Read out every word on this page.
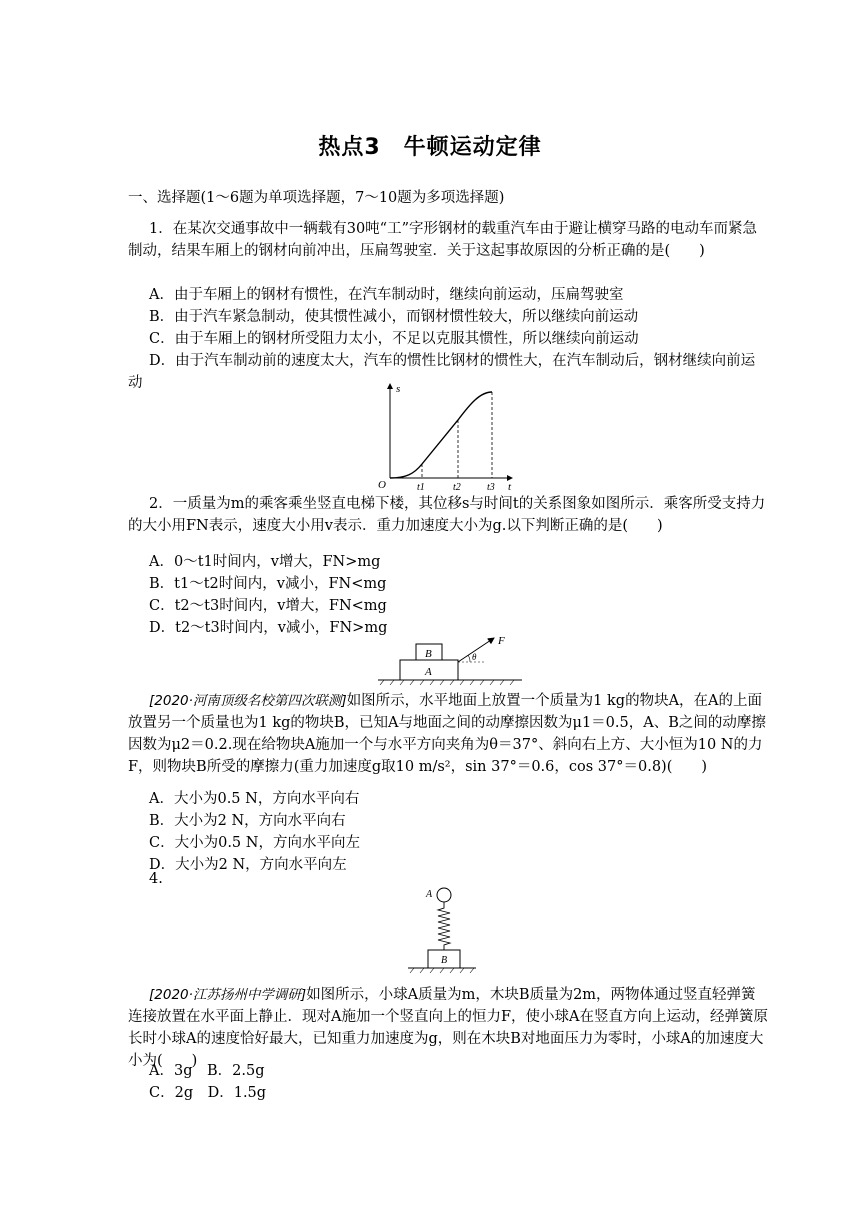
热点3　牛顿运动定律
一、选择题(1～6题为单项选择题，7～10题为多项选择题)
1．在某次交通事故中一辆载有30吨“工”字形钢材的载重汽车由于避让横穿马路的电动车而紧急制动，结果车厢上的钢材向前冲出，压扁驾驶室．关于这起事故原因的分析正确的是(　　)
A．由于车厢上的钢材有惯性，在汽车制动时，继续向前运动，压扁驾驶室
B．由于汽车紧急制动，使其惯性减小，而钢材惯性较大，所以继续向前运动
C．由于车厢上的钢材所受阻力太小，不足以克服其惯性，所以继续向前运动
D．由于汽车制动前的速度太大，汽车的惯性比钢材的惯性大，在汽车制动后，钢材继续向前运动	s
t
O	t1	t2	t3
2．一质量为m的乘客乘坐竖直电梯下楼，其位移s与时间t的关系图象如图所示．乘客所受支持力的大小用FN表示，速度大小用v表示．重力加速度大小为g.以下判断正确的是(　　)
A．0～t1时间内，v增大，FN>mg
B．t1～t2时间内，v减小，FN<mg
C．t2～t3时间内，v增大，FN<mg
D．t2～t3时间内，v减小，FN>mg
A
B
F
θ
[2020·河南顶级名校第四次联测]如图所示，水平地面上放置一个质量为1 kg的物块A，在A的上面放置另一个质量也为1 kg的物块B，已知A与地面之间的动摩擦因数为μ1＝0.5，A、B之间的动摩擦因数为μ2＝0.2.现在给物块A施加一个与水平方向夹角为θ＝37°、斜向右上方、大小恒为10 N的力F，则物块B所受的摩擦力(重力加速度g取10 m/s²，sin 37°＝0.6，cos 37°＝0.8)(　　)
A．大小为0.5 N，方向水平向右
B．大小为2 N，方向水平向右
C．大小为0.5 N，方向水平向左
D．大小为2 N，方向水平向左
4.
A
B
[2020·江苏扬州中学调研]如图所示，小球A质量为m，木块B质量为2m，两物体通过竖直轻弹簧连接放置在水平面上静止．现对A施加一个竖直向上的恒力F，使小球A在竖直方向上运动，经弹簧原长时小球A的速度恰好最大，已知重力加速度为g，则在木块B对地面压力为零时，小球A的加速度大小为(　　)
A．3g　B．2.5g
C．2g　D．1.5g
